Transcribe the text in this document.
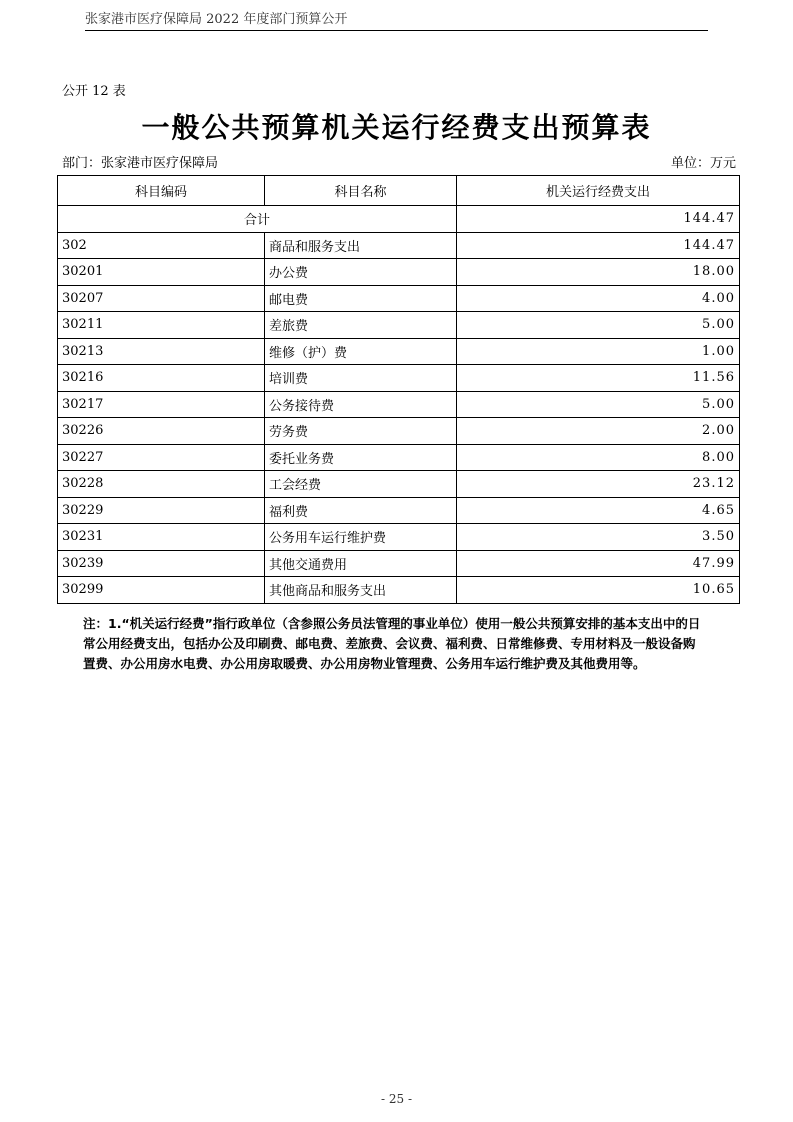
张家港市医疗保障局 2022 年度部门预算公开
公开 12 表
一般公共预算机关运行经费支出预算表
部门：张家港市医疗保障局	单位：万元
科目编码	科目名称	机关运行经费支出
合计		144.47
302	商品和服务支出	144.47
30201	办公费	18.00
30207	邮电费	4.00
30211	差旅费	5.00
30213	维修（护）费	1.00
30216	培训费	11.56
30217	公务接待费	5.00
30226	劳务费	2.00
30227	委托业务费	8.00
30228	工会经费	23.12
30229	福利费	4.65
30231	公务用车运行维护费	3.50
30239	其他交通费用	47.99
30299	其他商品和服务支出	10.65
注：1.“机关运行经费”指行政单位（含参照公务员法管理的事业单位）使用一般公共预算安排的基本支出中的日常公用经费支出，包括办公及印刷费、邮电费、差旅费、会议费、福利费、日常维修费、专用材料及一般设备购置费、办公用房水电费、办公用房取暖费、办公用房物业管理费、公务用车运行维护费及其他费用等。
- 25 -
